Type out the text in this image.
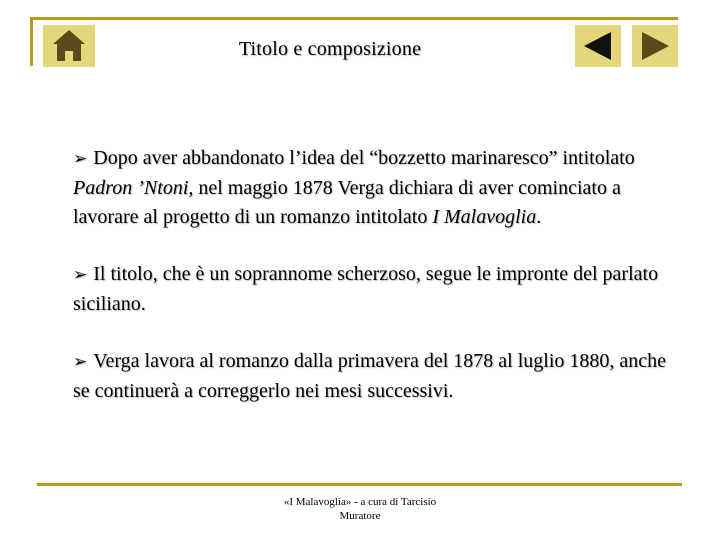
Titolo e composizione

➢ Dopo aver abbandonato l’idea del “bozzetto marinaresco” intitolato Padron ’Ntoni, nel maggio 1878 Verga dichiara di aver cominciato a lavorare al progetto di un romanzo intitolato I Malavoglia.

➢ Il titolo, che è un soprannome scherzoso, segue le impronte del parlato siciliano.

➢ Verga lavora al romanzo dalla primavera del 1878 al luglio 1880, anche se continuerà a correggerlo nei mesi successivi.

«I Malavoglia» - a cura di Tarcisio Muratore
